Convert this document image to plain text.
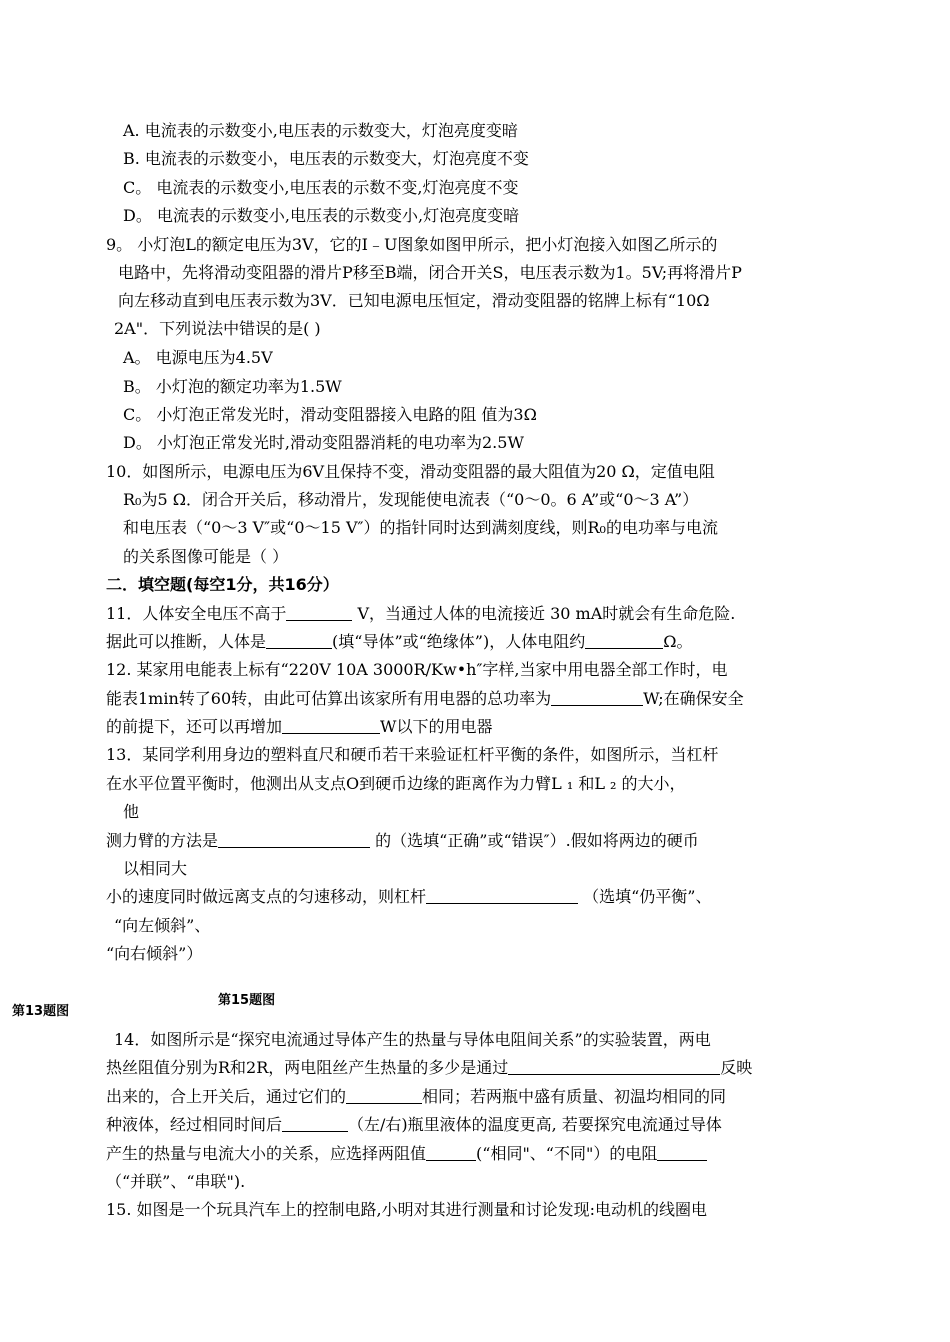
A. 电流表的示数变小,电压表的示数变大，灯泡亮度变暗
B. 电流表的示数变小，电压表的示数变大，灯泡亮度不变
C。 电流表的示数变小,电压表的示数不变,灯泡亮度不变
D。 电流表的示数变小,电压表的示数变小,灯泡亮度变暗
9。 小灯泡L的额定电压为3V，它的I﹣U图象如图甲所示，把小灯泡接入如图乙所示的
电路中，先将滑动变阻器的滑片P移至B端，闭合开关S，电压表示数为1。5V;再将滑片P
向左移动直到电压表示数为3V．已知电源电压恒定，滑动变阻器的铭牌上标有“10Ω
2A"．下列说法中错误的是( )
A。 电源电压为4.5V
B。 小灯泡的额定功率为1.5W
C。 小灯泡正常发光时，滑动变阻器接入电路的阻 值为3Ω
D。 小灯泡正常发光时,滑动变阻器消耗的电功率为2.5W
10．如图所示，电源电压为6V且保持不变，滑动变阻器的最大阻值为20 Ω，定值电阻
R₀为5 Ω．闭合开关后，移动滑片，发现能使电流表（“0～0。6 A”或“0～3 A”）
和电压表（“0～3 V″或“0～15 V″）的指针同时达到满刻度线，则R₀的电功率与电流
的关系图像可能是（ ）
二．填空题(每空1分，共16分）
11．人体安全电压不高于	V，当通过人体的电流接近 30 mA时就会有生命危险.
据此可以推断，人体是	(填“导体”或“绝缘体”)，人体电阻约	Ω。
12. 某家用电能表上标有“220V 10A 3000R/Kw•h″字样,当家中用电器全部工作时，电
能表1min转了60转，由此可估算出该家所有用电器的总功率为	W;在确保安全
的前提下，还可以再增加	W以下的用电器
13．某同学利用身边的塑料直尺和硬币若干来验证杠杆平衡的条件，如图所示，当杠杆
在水平位置平衡时，他测出从支点O到硬币边缘的距离作为力臂L ₁ 和L ₂ 的大小，
他
测力臂的方法是	的（选填“正确”或“错误″）.假如将两边的硬币
以相同大
小的速度同时做远离支点的匀速移动，则杠杆	（选填“仍平衡”、
“向左倾斜”、
“向右倾斜”）
第13题图
第15题图
14．如图所示是“探究电流通过导体产生的热量与导体电阻间关系”的实验装置，两电
热丝阻值分别为R和2R，两电阻丝产生热量的多少是通过	反映
出来的，合上开关后，通过它们的	相同；若两瓶中盛有质量、初温均相同的同
种液体，经过相同时间后	（左/右)瓶里液体的温度更高, 若要探究电流通过导体
产生的热量与电流大小的关系，应选择两阻值	(“相同"、“不同"）的电阻
（“并联”、“串联").
15. 如图是一个玩具汽车上的控制电路,小明对其进行测量和讨论发现:电动机的线圈电
